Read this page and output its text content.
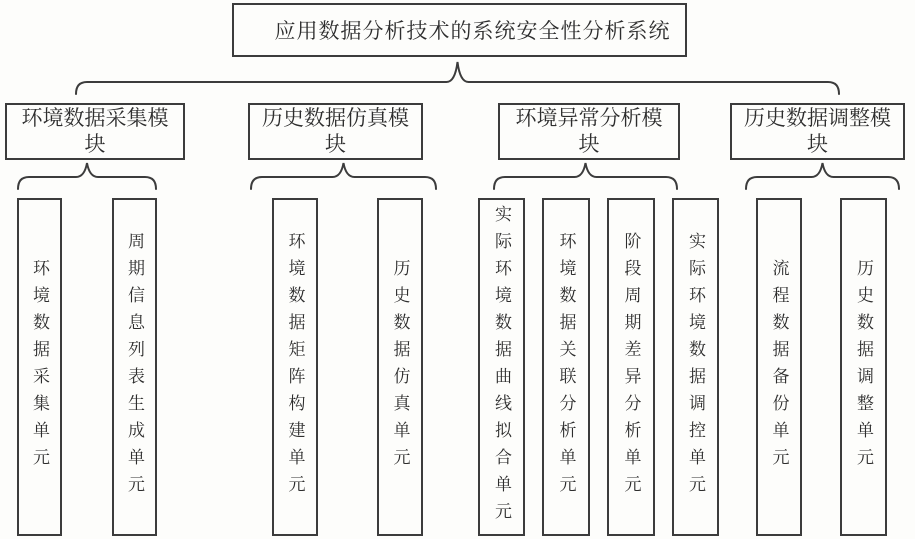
应用数据分析技术的系统安全性分析系统
环境数据采集模块
历史数据仿真模块
环境异常分析模块
历史数据调整模块
环境数据采集单元	周期信息列表生成单元	环境数据矩阵构建单元	历史数据仿真单元	实际环境数据曲线拟合单元	环境数据关联分析单元	阶段周期差异分析单元	实际环境数据调控单元	流程数据备份单元	历史数据调整单元
